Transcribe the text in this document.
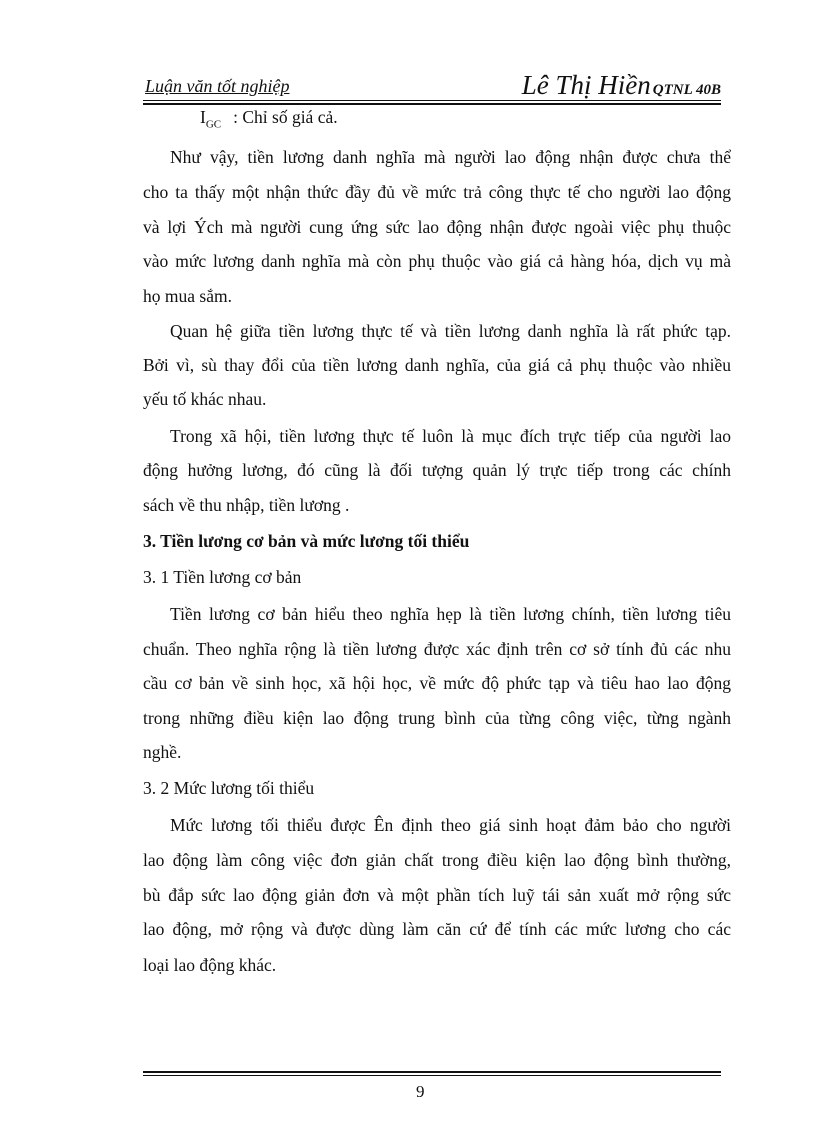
Luận văn tốt nghiệp	Lê Thị Hiền QTNL 40B
$I_{GC}$ : Chỉ số giá cả.
Như vậy, tiền lương danh nghĩa mà người lao động nhận được chưa thể
cho ta thấy một nhận thức đầy đủ về mức trả công thực tế cho người lao động
và lợi Ých mà người cung ứng sức lao động nhận được ngoài việc phụ thuộc
vào mức lương danh nghĩa mà còn phụ thuộc vào giá cả hàng hóa, dịch vụ mà
họ mua sắm.
Quan hệ giữa tiền lương thực tế và tiền lương danh nghĩa là rất phức tạp.
Bởi vì, sù thay đổi của tiền lương danh nghĩa, của giá cả phụ thuộc vào nhiều
yếu tố khác nhau.
Trong xã hội, tiền lương thực tế luôn là mục đích trực tiếp của người lao
động hưởng lương, đó cũng là đối tượng quản lý trực tiếp trong các chính
sách về thu nhập, tiền lương .
3. Tiền lương cơ bản và mức lương tối thiểu
3. 1 Tiền lương cơ bản
Tiền lương cơ bản hiểu theo nghĩa hẹp là tiền lương chính, tiền lương tiêu
chuẩn. Theo nghĩa rộng là tiền lương được xác định trên cơ sở tính đủ các nhu
cầu cơ bản về sinh học, xã hội học, về mức độ phức tạp và tiêu hao lao động
trong những điều kiện lao động trung bình của từng công việc, từng ngành
nghề.
3. 2 Mức lương tối thiểu
Mức lương tối thiểu được Ên định theo giá sinh hoạt đảm bảo cho người
lao động làm công việc đơn giản chất trong điều kiện lao động bình thường,
bù đắp sức lao động giản đơn và một phần tích luỹ tái sản xuất mở rộng sức
lao động, mở rộng và được dùng làm căn cứ để tính các mức lương cho các
loại lao động khác.
9
